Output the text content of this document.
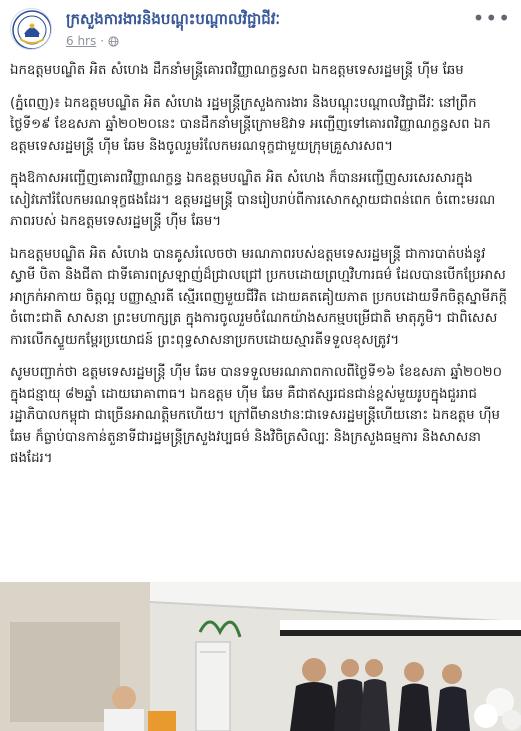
ក្រសួងការងារនិងបណ្តុះបណ្តាលវិជ្ជាជីវៈ
6 hrs ·
•••

ឯកឧត្តមបណ្ឌិត អិត សំហេង ដឹកនាំមន្ត្រីគោរពវិញ្ញាណក្ខន្ធសព ឯកឧត្តមទេសរដ្ឋមន្ត្រី ហ៊ីម ឆែម

(ភ្នំពេញ)៖ ឯកឧត្តមបណ្ឌិត អិត សំហេង រដ្ឋមន្ត្រីក្រសួងការងារ និងបណ្តុះបណ្តាលវិជ្ជាជីវៈ នៅព្រឹកថ្ងៃទី១៩ ខែឧសភា ឆ្នាំ២០២០នេះ បានដឹកនាំមន្ត្រីក្រោមឱវាទ អញ្ជើញទៅគោរពវិញ្ញាណក្ខន្ធសព ឯកឧត្តមទេសរដ្ឋមន្ត្រី ហ៊ីម ឆែម និងចូលរួមរំលែកមរណទុក្ខជាមួយក្រុមគ្រួសារសព។

ក្នុងឱកាសអញ្ជើញគោរពវិញ្ញាណក្ខន្ធ ឯកឧត្តមបណ្ឌិត អិត សំហេង ក៏បានអញ្ជើញសរសេរសារក្នុងសៀវភៅរំលែកមរណទុក្ខផងដែរ។ ឧត្តមរដ្ឋមន្ត្រី បានរៀបរាប់ពីការសោកស្តាយជាពន់ពេក ចំពោះមរណភាពរបស់ ឯកឧត្តមទេសរដ្ឋមន្ត្រី ហ៊ីម ឆែម។

ឯកឧត្តមបណ្ឌិត អិត សំហេង បានគូសរំលេចថា មរណភាពរបស់ឧត្តមទេសរដ្ឋមន្ត្រី ជាការបាត់បង់នូវស្វាមី បិតា និងជីតា ជាទីគោរពស្រឡាញ់ដ៏ជ្រាលជ្រៅ ប្រកបដោយព្រហ្មវិហារធម៌ ដែលបានបើកប្រែអាសអាក្រក់អាកាយ ចិត្តល្អ បញ្ញាស្មារតី ស្មើរពេញមួយជីវិត ដោយគតគៀយភាត ប្រកបដោយទឹកចិត្តស្នាមីភក្តីចំពោះជាតិ សាសនា ព្រះមហាក្សត្រ ក្នុងការចូលរួមចំណែកយ៉ាងសកម្មបម្រើជាតិ មាតុភូមិ។ ជាពិសេសការលើកស្ទួយកម្ពែរប្រយោជន៍ ព្រះពុទ្ធសាសនាប្រកបដោយស្មារតីទទួលខុសត្រូវ។

សូមបញ្ជាក់ថា ឧត្តមទេសរដ្ឋមន្ត្រី ហ៊ីម ឆែម បានទទួលមរណភាពកាលពីថ្ងៃទី១៦ ខែឧសភា ឆ្នាំ២០២០ ក្នុងជន្មាយុ ៨២ឆ្នាំ ដោយរោគាពាធ។ ឯកឧត្តម ហ៊ីម ឆែម គឺជាឥស្សរជនជាន់ខ្ពស់មួយរូបក្នុងជួររាជរដ្ឋាភិបាលកម្ពុជា ជាច្រើនអាណត្តិមកហើយ។ ក្រៅពីមានឋានៈជាទេសរដ្ឋមន្ត្រីហើយនោះ ឯកឧត្តម ហ៊ីម ឆែម ក៏ធ្លាប់បានកាន់តួនាទីជារដ្ឋមន្ត្រីក្រសួងវប្បធម៌ និងវិចិត្រសិល្បៈ និងក្រសួងធម្មការ និងសាសនាផងដែរ។
